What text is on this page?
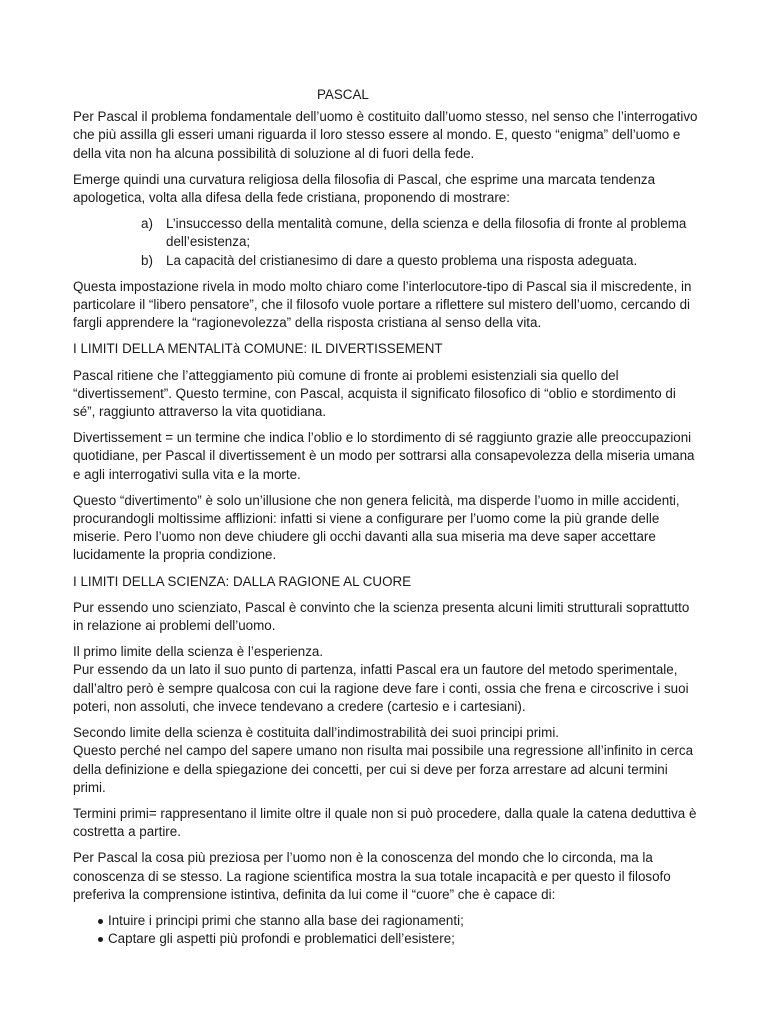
PASCAL

Per Pascal il problema fondamentale dell’uomo è costituito dall’uomo stesso, nel senso che l’interrogativo che più assilla gli esseri umani riguarda il loro stesso essere al mondo. E, questo “enigma” dell’uomo e della vita non ha alcuna possibilità di soluzione al di fuori della fede.

Emerge quindi una curvatura religiosa della filosofia di Pascal, che esprime una marcata tendenza apologetica, volta alla difesa della fede cristiana, proponendo di mostrare:

a) L’insuccesso della mentalità comune, della scienza e della filosofia di fronte al problema dell’esistenza;
b) La capacità del cristianesimo di dare a questo problema una risposta adeguata.

Questa impostazione rivela in modo molto chiaro come l’interlocutore-tipo di Pascal sia il miscredente, in particolare il “libero pensatore”, che il filosofo vuole portare a riflettere sul mistero dell’uomo, cercando di fargli apprendere la “ragionevolezza” della risposta cristiana al senso della vita.

I LIMITI DELLA MENTALITà COMUNE: IL DIVERTISSEMENT

Pascal ritiene che l’atteggiamento più comune di fronte ai problemi esistenziali sia quello del “divertissement”. Questo termine, con Pascal, acquista il significato filosofico di “oblio e stordimento di sé”, raggiunto attraverso la vita quotidiana.

Divertissement = un termine che indica l’oblio e lo stordimento di sé raggiunto grazie alle preoccupazioni quotidiane, per Pascal il divertissement è un modo per sottrarsi alla consapevolezza della miseria umana e agli interrogativi sulla vita e la morte.

Questo “divertimento” è solo un’illusione che non genera felicità, ma disperde l’uomo in mille accidenti, procurandogli moltissime afflizioni: infatti si viene a configurare per l’uomo come la più grande delle miserie. Pero l’uomo non deve chiudere gli occhi davanti alla sua miseria ma deve saper accettare lucidamente la propria condizione.

I LIMITI DELLA SCIENZA: DALLA RAGIONE AL CUORE

Pur essendo uno scienziato, Pascal è convinto che la scienza presenta alcuni limiti strutturali soprattutto in relazione ai problemi dell’uomo.

Il primo limite della scienza è l’esperienza.
Pur essendo da un lato il suo punto di partenza, infatti Pascal era un fautore del metodo sperimentale, dall’altro però è sempre qualcosa con cui la ragione deve fare i conti, ossia che frena e circoscrive i suoi poteri, non assoluti, che invece tendevano a credere (cartesio e i cartesiani).

Secondo limite della scienza è costituita dall’indimostrabilità dei suoi principi primi.
Questo perché nel campo del sapere umano non risulta mai possibile una regressione all’infinito in cerca della definizione e della spiegazione dei concetti, per cui si deve per forza arrestare ad alcuni termini primi.

Termini primi= rappresentano il limite oltre il quale non si può procedere, dalla quale la catena deduttiva è costretta a partire.

Per Pascal la cosa più preziosa per l’uomo non è la conoscenza del mondo che lo circonda, ma la conoscenza di se stesso. La ragione scientifica mostra la sua totale incapacità e per questo il filosofo preferiva la comprensione istintiva, definita da lui come il “cuore” che è capace di:

Intuire i principi primi che stanno alla base dei ragionamenti;
Captare gli aspetti più profondi e problematici dell’esistere;
